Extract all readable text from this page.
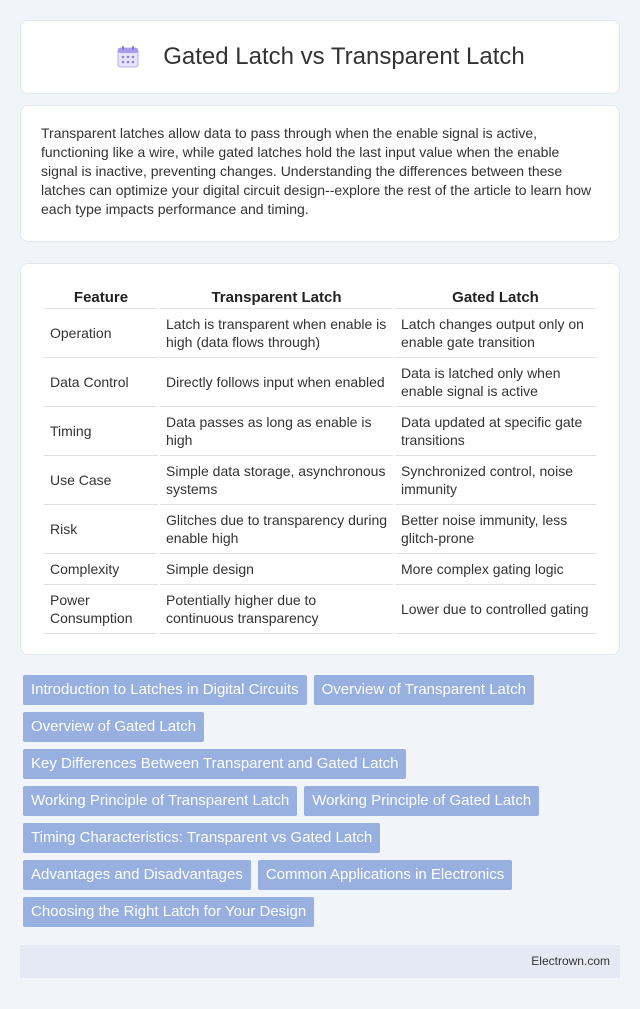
Gated Latch vs Transparent Latch

Transparent latches allow data to pass through when the enable signal is active, functioning like a wire, while gated latches hold the last input value when the enable signal is inactive, preventing changes. Understanding the differences between these latches can optimize your digital circuit design--explore the rest of the article to learn how each type impacts performance and timing.

Feature	Transparent Latch	Gated Latch
Operation	Latch is transparent when enable is high (data flows through)	Latch changes output only on enable gate transition
Data Control	Directly follows input when enabled	Data is latched only when enable signal is active
Timing	Data passes as long as enable is high	Data updated at specific gate transitions
Use Case	Simple data storage, asynchronous systems	Synchronized control, noise immunity
Risk	Glitches due to transparency during enable high	Better noise immunity, less glitch-prone
Complexity	Simple design	More complex gating logic
Power Consumption	Potentially higher due to continuous transparency	Lower due to controlled gating
Introduction to Latches in Digital Circuits	Overview of Transparent Latch
Overview of Gated Latch
Key Differences Between Transparent and Gated Latch
Working Principle of Transparent Latch	Working Principle of Gated Latch
Timing Characteristics: Transparent vs Gated Latch
Advantages and Disadvantages	Common Applications in Electronics
Choosing the Right Latch for Your Design
Electrown.com
